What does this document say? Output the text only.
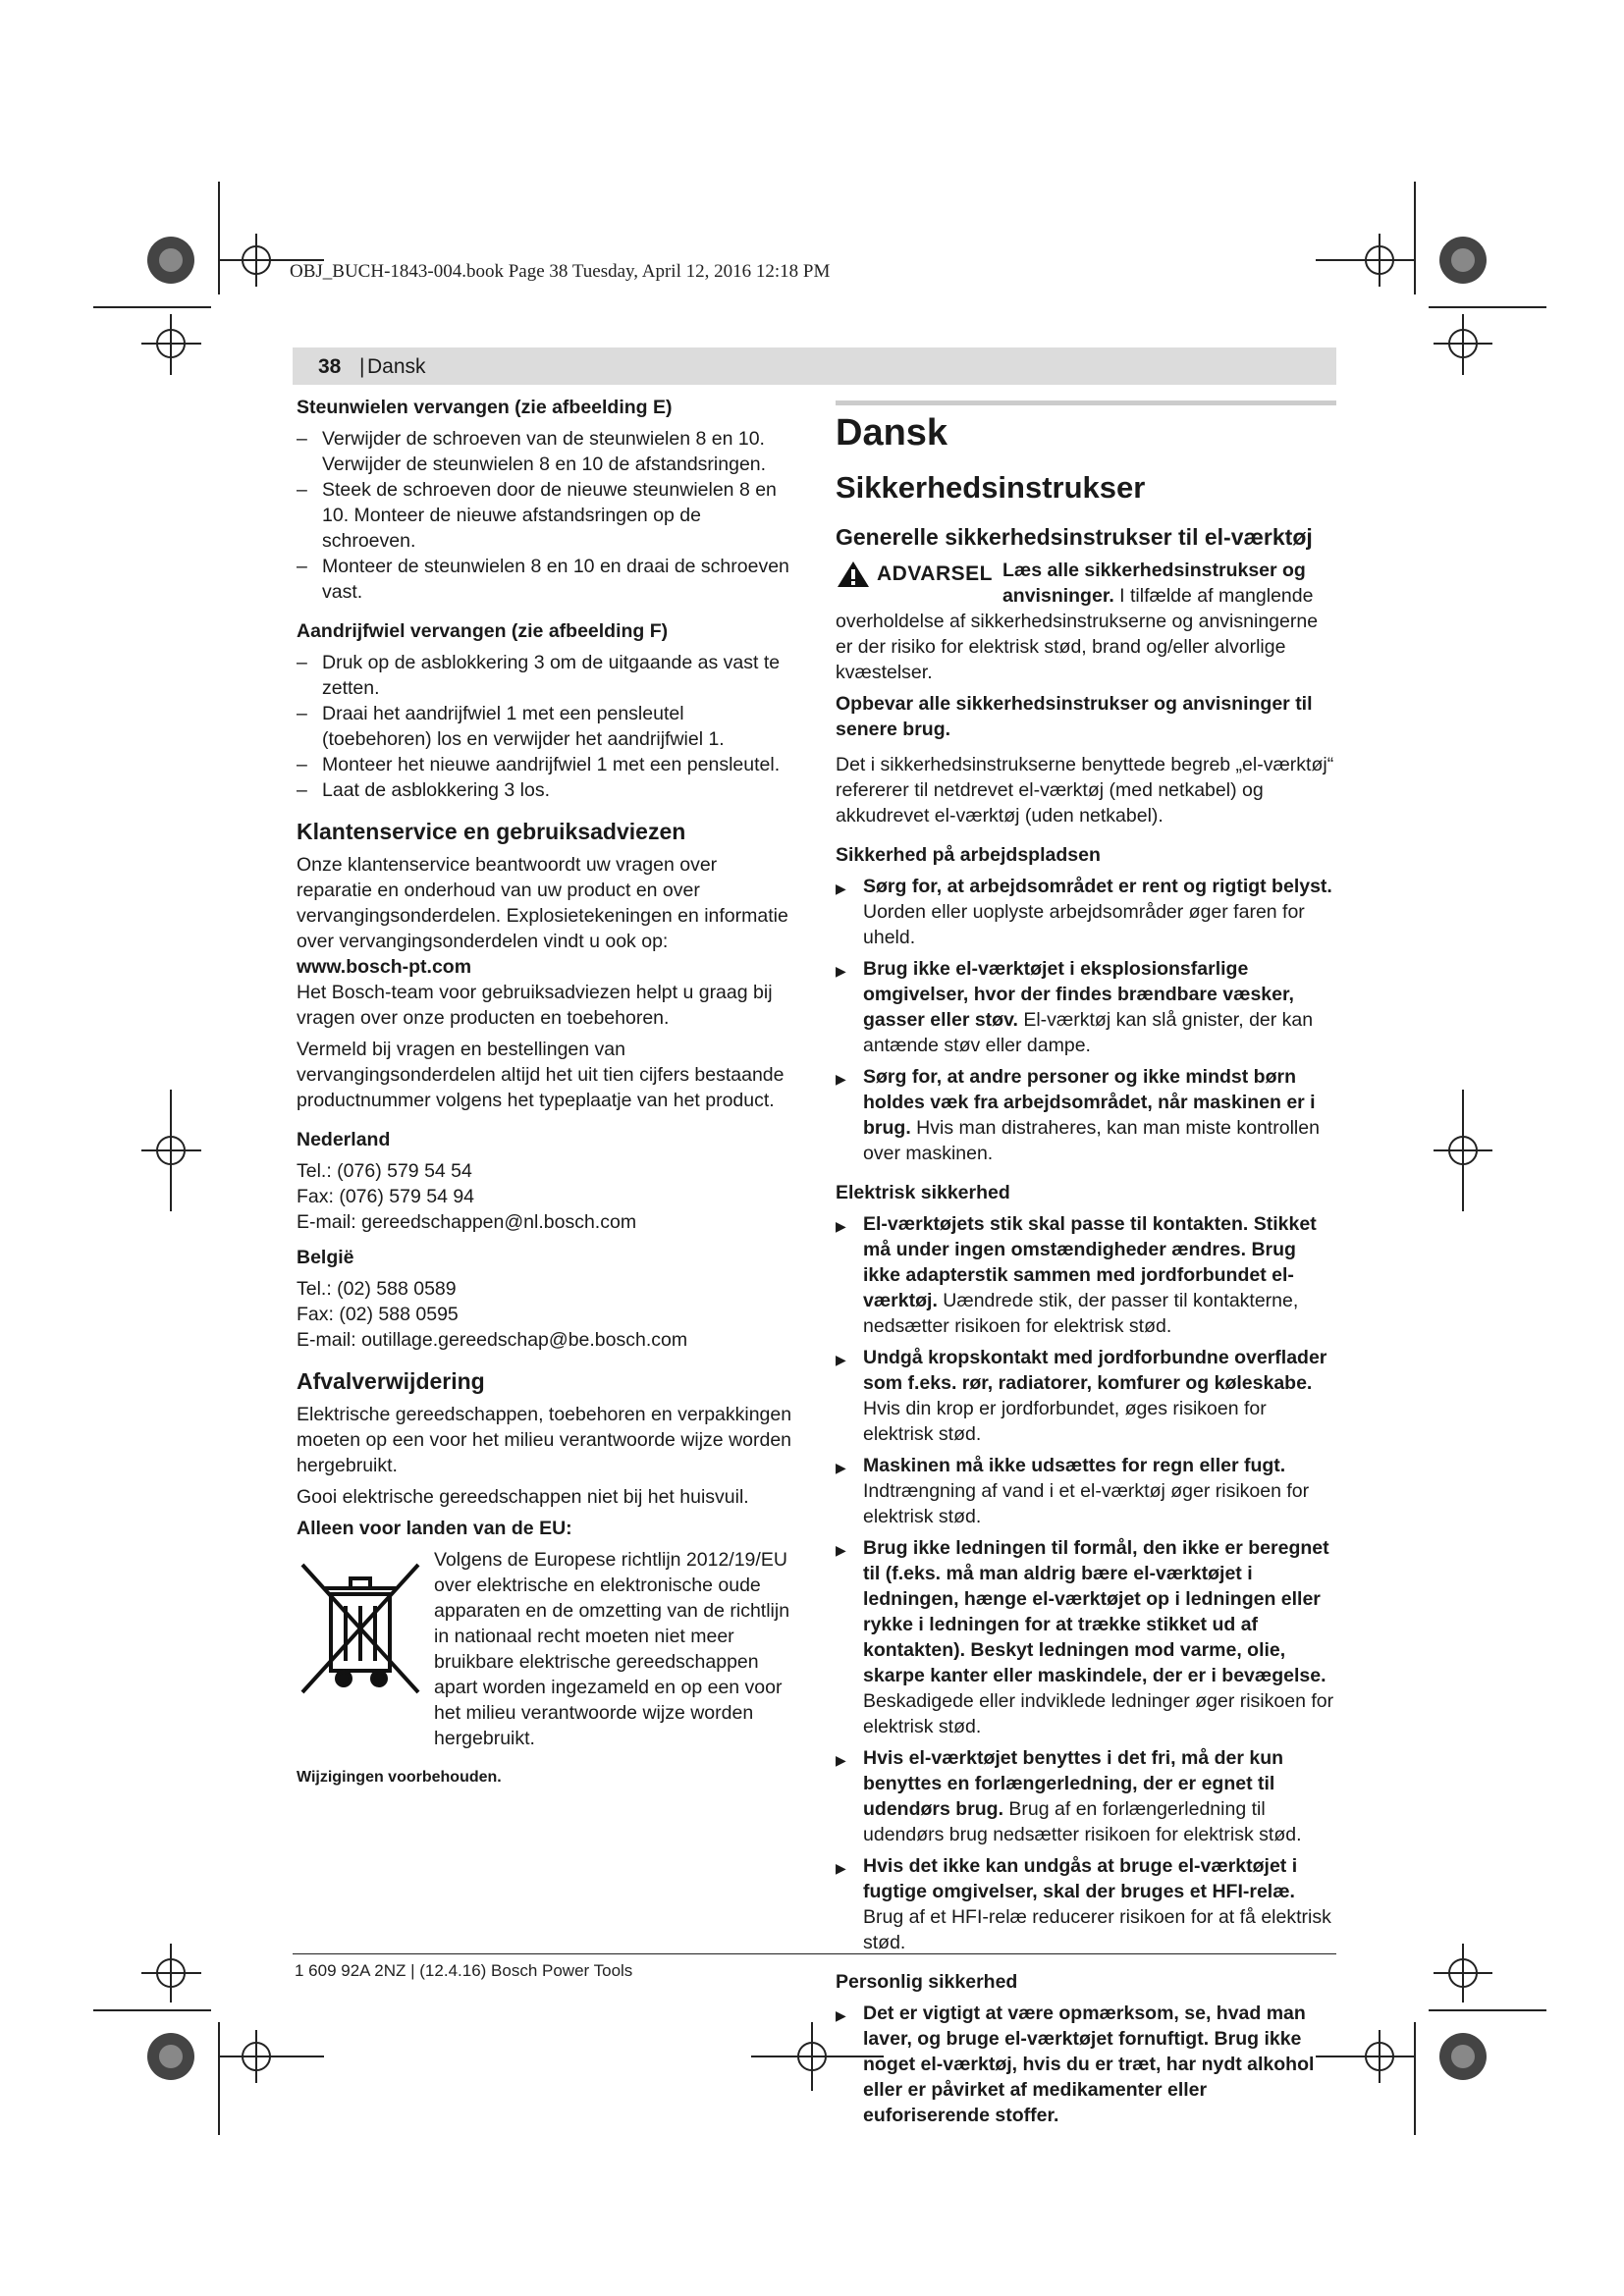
OBJ_BUCH-1843-004.book Page 38 Tuesday, April 12, 2016 12:18 PM
38 | Dansk

Steunwielen vervangen (zie afbeelding E)

– Verwijder de schroeven van de steunwielen 8 en 10. Verwijder de steunwielen 8 en 10 de afstandsringen.

– Steek de schroeven door de nieuwe steunwielen 8 en 10. Monteer de nieuwe afstandsringen op de schroeven.

– Monteer de steunwielen 8 en 10 en draai de schroeven vast.

Aandrijfwiel vervangen (zie afbeelding F)

– Druk op de asblokkering 3 om de uitgaande as vast te zetten.

– Draai het aandrijfwiel 1 met een pensleutel (toebehoren) los en verwijder het aandrijfwiel 1.

– Monteer het nieuwe aandrijfwiel 1 met een pensleutel.

– Laat de asblokkering 3 los.

Klantenservice en gebruiksadviezen

Onze klantenservice beantwoordt uw vragen over reparatie en onderhoud van uw product en over vervangingsonderdelen. Explosietekeningen en informatie over vervangingsonderdelen vindt u ook op:

www.bosch-pt.com

Het Bosch-team voor gebruiksadviezen helpt u graag bij vragen over onze producten en toebehoren.

Vermeld bij vragen en bestellingen van vervangingsonderdelen altijd het uit tien cijfers bestaande productnummer volgens het typeplaatje van het product.

Nederland

Tel.: (076) 579 54 54

Fax: (076) 579 54 94

E-mail: gereedschappen@nl.bosch.com

België

Tel.: (02) 588 0589

Fax: (02) 588 0595

E-mail: outillage.gereedschap@be.bosch.com

Afvalverwijdering

Elektrische gereedschappen, toebehoren en verpakkingen moeten op een voor het milieu verantwoorde wijze worden hergebruikt.

Gooi elektrische gereedschappen niet bij het huisvuil.

Alleen voor landen van de EU:

Volgens de Europese richtlijn 2012/19/EU over elektrische en elektronische oude apparaten en de omzetting van de richtlijn in nationaal recht moeten niet meer bruikbare elektrische gereedschappen apart worden ingezameld en op een voor het milieu verantwoorde wijze worden hergebruikt.

Wijzigingen voorbehouden.

Dansk

Sikkerhedsinstrukser

Generelle sikkerhedsinstrukser til el-værktøj

ADVARSEL Læs alle sikkerhedsinstrukser og anvisninger. I tilfælde af manglende overholdelse af sikkerhedsinstrukserne og anvisningerne er der risiko for elektrisk stød, brand og/eller alvorlige kvæstelser.

Opbevar alle sikkerhedsinstrukser og anvisninger til senere brug.

Det i sikkerhedsinstrukserne benyttede begreb „el-værktøj“ refererer til netdrevet el-værktøj (med netkabel) og akkudrevet el-værktøj (uden netkabel).

Sikkerhed på arbejdspladsen

▶ Sørg for, at arbejdsområdet er rent og rigtigt belyst. Uorden eller uoplyste arbejdsområder øger faren for uheld.

▶ Brug ikke el-værktøjet i eksplosionsfarlige omgivelser, hvor der findes brændbare væsker, gasser eller støv. El-værktøj kan slå gnister, der kan antænde støv eller dampe.

▶ Sørg for, at andre personer og ikke mindst børn holdes væk fra arbejdsområdet, når maskinen er i brug. Hvis man distraheres, kan man miste kontrollen over maskinen.

Elektrisk sikkerhed

▶ El-værktøjets stik skal passe til kontakten. Stikket må under ingen omstændigheder ændres. Brug ikke adapterstik sammen med jordforbundet el-værktøj. Uændrede stik, der passer til kontakterne, nedsætter risikoen for elektrisk stød.

▶ Undgå kropskontakt med jordforbundne overflader som f.eks. rør, radiatorer, komfurer og køleskabe. Hvis din krop er jordforbundet, øges risikoen for elektrisk stød.

▶ Maskinen må ikke udsættes for regn eller fugt. Indtrængning af vand i et el-værktøj øger risikoen for elektrisk stød.

▶ Brug ikke ledningen til formål, den ikke er beregnet til (f.eks. må man aldrig bære el-værktøjet i ledningen, hænge el-værktøjet op i ledningen eller rykke i ledningen for at trække stikket ud af kontakten). Beskyt ledningen mod varme, olie, skarpe kanter eller maskindele, der er i bevægelse. Beskadigede eller indviklede ledninger øger risikoen for elektrisk stød.

▶ Hvis el-værktøjet benyttes i det fri, må der kun benyttes en forlængerledning, der er egnet til udendørs brug. Brug af en forlængerledning til udendørs brug nedsætter risikoen for elektrisk stød.

▶ Hvis det ikke kan undgås at bruge el-værktøjet i fugtige omgivelser, skal der bruges et HFI-relæ. Brug af et HFI-relæ reducerer risikoen for at få elektrisk stød.

Personlig sikkerhed

▶ Det er vigtigt at være opmærksom, se, hvad man laver, og bruge el-værktøjet fornuftigt. Brug ikke noget el-værktøj, hvis du er træt, har nydt alkohol eller er påvirket af medikamenter eller euforiserende stoffer.

1 609 92A 2NZ | (12.4.16) Bosch Power Tools
